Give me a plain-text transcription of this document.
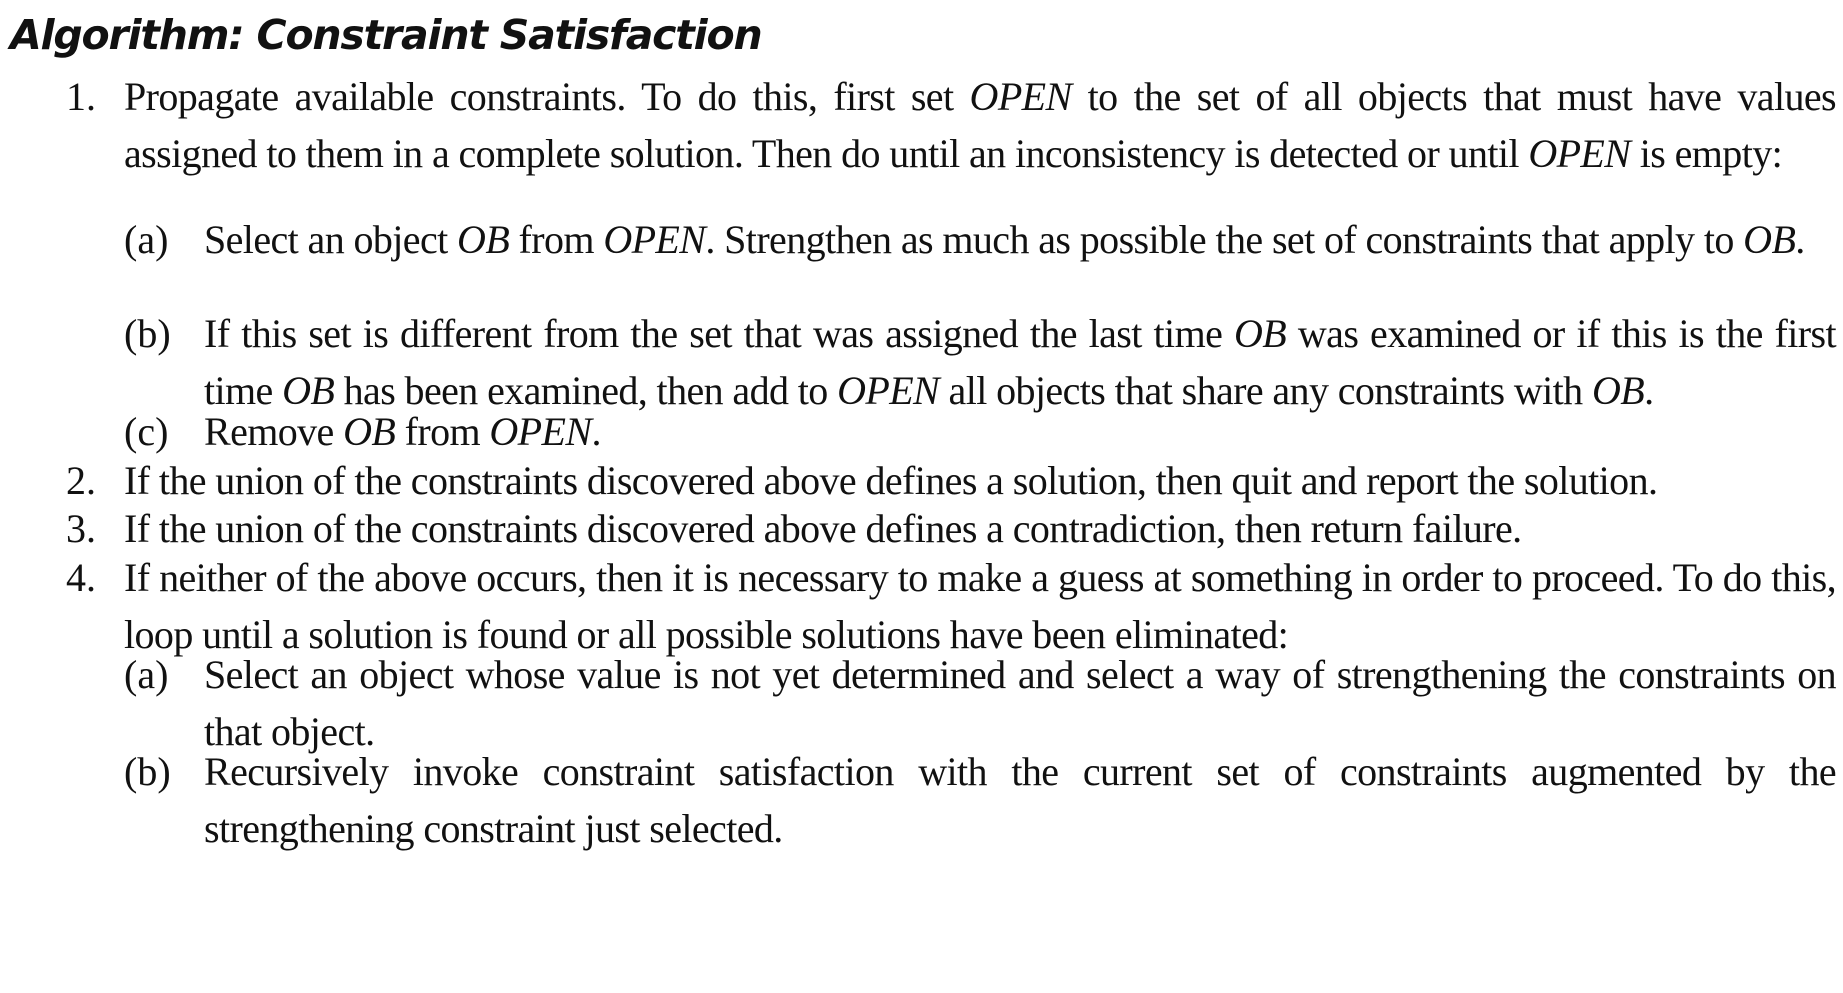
Algorithm: Constraint Satisfaction
1. Propagate available constraints. To do this, first set OPEN to the set of all objects that must have values assigned to them in a complete solution. Then do until an inconsistency is detected or until OPEN is empty:
(a) Select an object OB from OPEN. Strengthen as much as possible the set of constraints that apply to OB.
(b) If this set is different from the set that was assigned the last time OB was examined or if this is the first time OB has been examined, then add to OPEN all objects that share any constraints with OB.
(c) Remove OB from OPEN.
2. If the union of the constraints discovered above defines a solution, then quit and report the solution.
3. If the union of the constraints discovered above defines a contradiction, then return failure.
4. If neither of the above occurs, then it is necessary to make a guess at something in order to proceed. To do this, loop until a solution is found or all possible solutions have been eliminated:
(a) Select an object whose value is not yet determined and select a way of strengthening the constraints on that object.
(b) Recursively invoke constraint satisfaction with the current set of constraints augmented by the strengthening constraint just selected.
